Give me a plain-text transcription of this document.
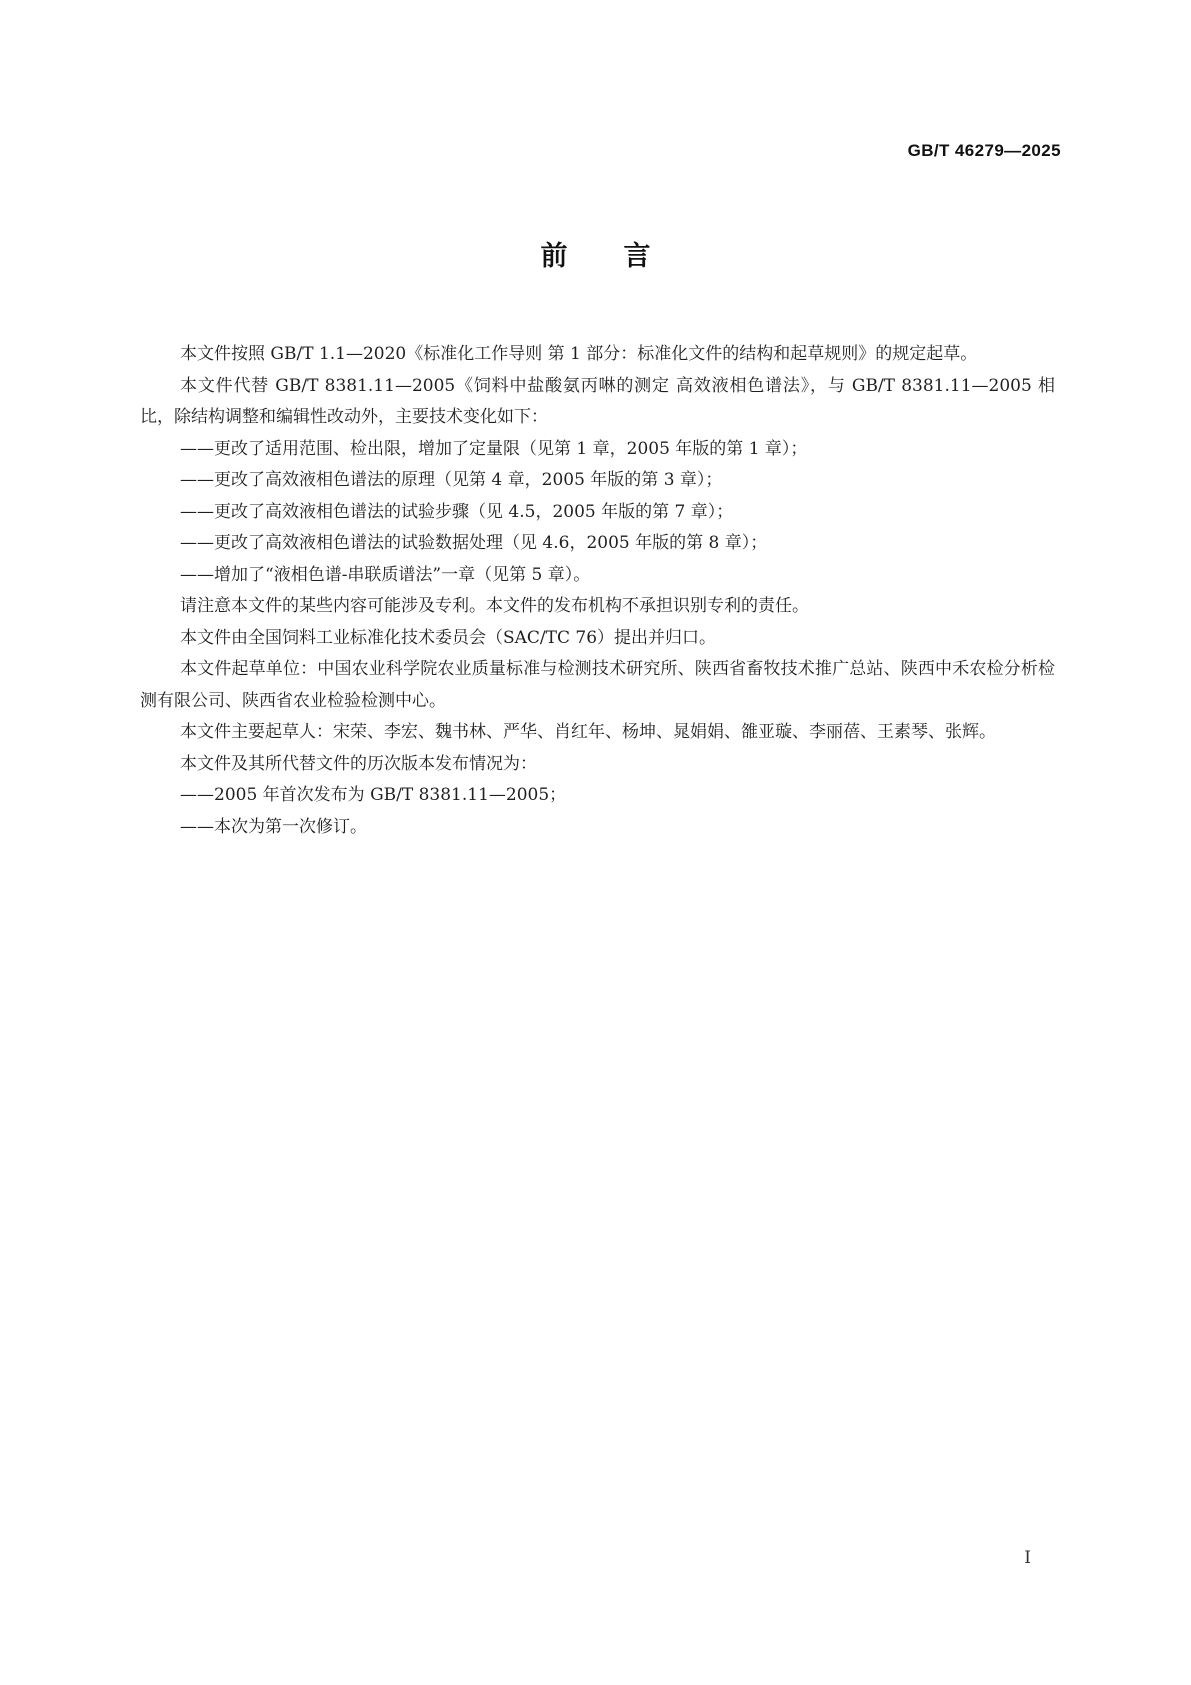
GB/T 46279—2025
前言

本文件按照 GB/T 1.1—2020《标准化工作导则 第 1 部分：标准化文件的结构和起草规则》的规定起草。

本文件代替 GB/T 8381.11—2005《饲料中盐酸氨丙啉的测定 高效液相色谱法》，与 GB/T 8381.11—2005 相比，除结构调整和编辑性改动外，主要技术变化如下：

——更改了适用范围、检出限，增加了定量限（见第 1 章，2005 年版的第 1 章）；

——更改了高效液相色谱法的原理（见第 4 章，2005 年版的第 3 章）；

——更改了高效液相色谱法的试验步骤（见 4.5，2005 年版的第 7 章）；

——更改了高效液相色谱法的试验数据处理（见 4.6，2005 年版的第 8 章）；

——增加了“液相色谱-串联质谱法”一章（见第 5 章）。

请注意本文件的某些内容可能涉及专利。本文件的发布机构不承担识别专利的责任。

本文件由全国饲料工业标准化技术委员会（SAC/TC 76）提出并归口。

本文件起草单位：中国农业科学院农业质量标准与检测技术研究所、陕西省畜牧技术推广总站、陕西中禾农检分析检测有限公司、陕西省农业检验检测中心。

本文件主要起草人：宋荣、李宏、魏书林、严华、肖红年、杨坤、晁娟娟、雒亚璇、李丽蓓、王素琴、张辉。

本文件及其所代替文件的历次版本发布情况为：

——2005 年首次发布为 GB/T 8381.11—2005；

——本次为第一次修订。

I
